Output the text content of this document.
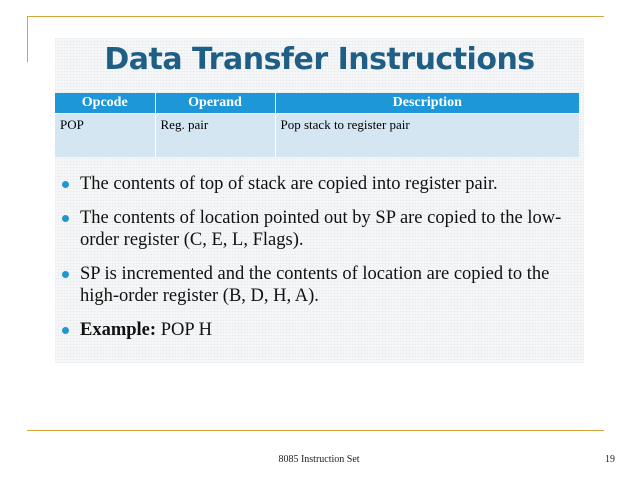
Data Transfer Instructions
Opcode	Operand	Description
POP	Reg. pair	Pop stack to register pair
The contents of top of stack are copied into register pair.
The contents of location pointed out by SP are copied to the low-order register (C, E, L, Flags).
SP is incremented and the contents of location are copied to the high-order register (B, D, H, A).
Example: POP H
8085 Instruction Set	19
